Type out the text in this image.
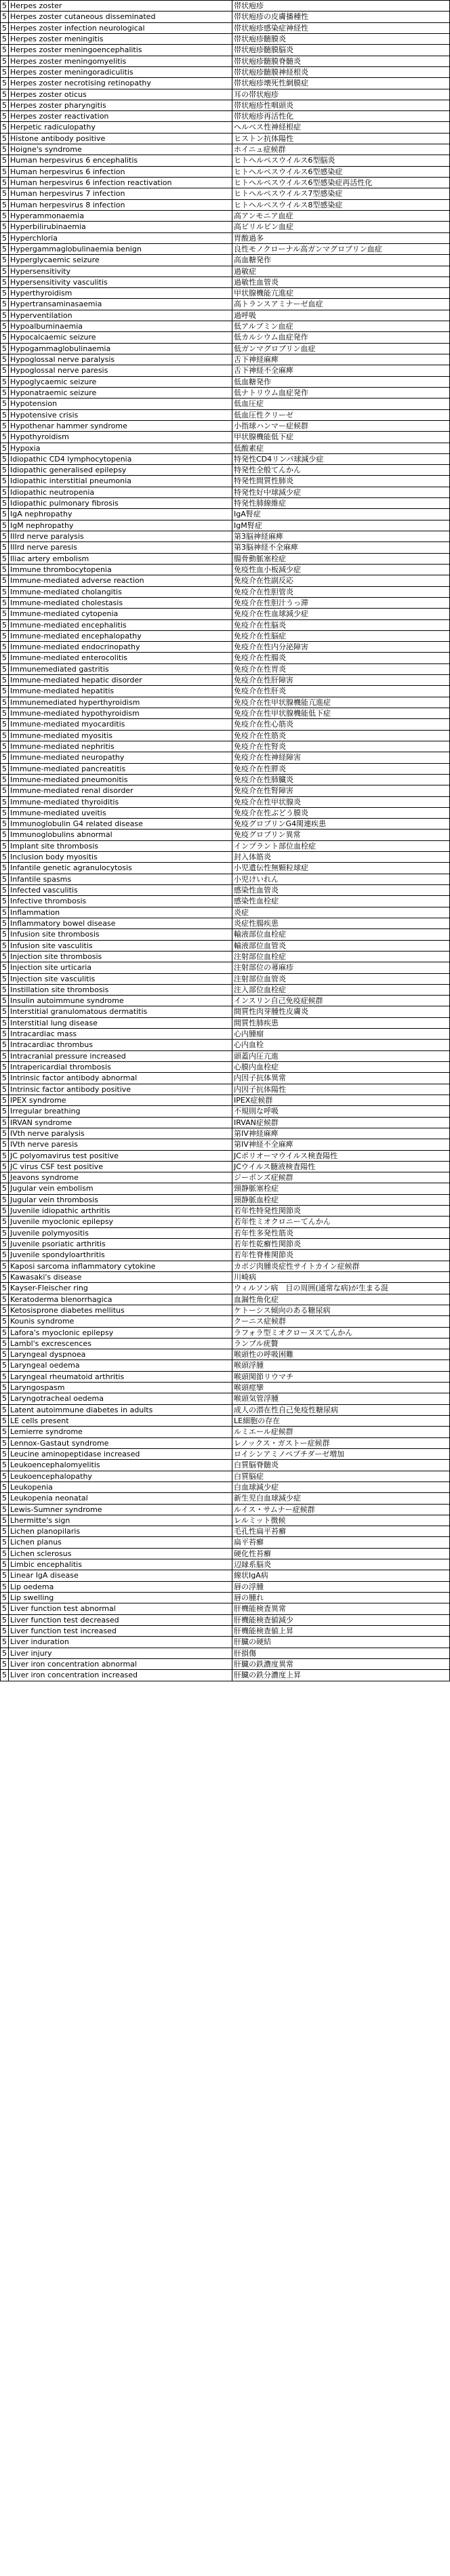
5 Herpes zoster	帯状疱疹
5 Herpes zoster cutaneous disseminated	帯状疱疹の皮膚播種性
5 Herpes zoster infection neurological	帯状疱疹感染症神経性
5 Herpes zoster meningitis	帯状疱疹髄膜炎
5 Herpes zoster meningoencephalitis	帯状疱疹髄膜脳炎
5 Herpes zoster meningomyelitis	帯状疱疹髄膜脊髄炎
5 Herpes zoster meningoradiculitis	帯状疱疹髄膜神経根炎
5 Herpes zoster necrotising retinopathy	帯状疱疹壊死性網膜症
5 Herpes zoster oticus	耳の帯状疱疹
5 Herpes zoster pharyngitis	帯状疱疹性咽頭炎
5 Herpes zoster reactivation	帯状疱疹再活性化
5 Herpetic radiculopathy	ヘルペス性神経根症
5 Histone antibody positive	ヒストン抗体陽性
5 Hoigne's syndrome	ホイニュ症候群
5 Human herpesvirus 6 encephalitis	ヒトヘルペスウイルス6型脳炎
5 Human herpesvirus 6 infection	ヒトヘルペスウイルス6型感染症
5 Human herpesvirus 6 infection reactivation	ヒトヘルペスウイルス6型感染症再活性化
5 Human herpesvirus 7 infection	ヒトヘルペスウイルス7型感染症
5 Human herpesvirus 8 infection	ヒトヘルペスウイルス8型感染症
5 Hyperammonaemia	高アンモニア血症
5 Hyperbilirubinaemia	高ビリルビン血症
5 Hyperchloria	胃酸過多
5 Hypergammaglobulinaemia benign	良性モノクローナル高ガンマグロブリン血症
5 Hyperglycaemic seizure	高血糖発作
5 Hypersensitivity	過敏症
5 Hypersensitivity vasculitis	過敏性血管炎
5 Hyperthyroidism	甲状腺機能亢進症
5 Hypertransaminasaemia	高トランスアミナーゼ血症
5 Hyperventilation	過呼吸
5 Hypoalbuminaemia	低アルブミン血症
5 Hypocalcaemic seizure	低カルシウム血症発作
5 Hypogammaglobulinaemia	低ガンマグロブリン血症
5 Hypoglossal nerve paralysis	舌下神経麻痺
5 Hypoglossal nerve paresis	舌下神経不全麻痺
5 Hypoglycaemic seizure	低血糖発作
5 Hyponatraemic seizure	低ナトリウム血症発作
5 Hypotension	低血圧症
5 Hypotensive crisis	低血圧性クリーゼ
5 Hypothenar hammer syndrome	小指球ハンマー症候群
5 Hypothyroidism	甲状腺機能低下症
5 Hypoxia	低酸素症
5 Idiopathic CD4 lymphocytopenia	特発性CD4リンパ球減少症
5 Idiopathic generalised epilepsy	特発性全般てんかん
5 Idiopathic interstitial pneumonia	特発性間質性肺炎
5 Idiopathic neutropenia	特発性好中球減少症
5 Idiopathic pulmonary fibrosis	特発性肺線維症
5 IgA nephropathy	IgA腎症
5 IgM nephropathy	IgM腎症
5 IIIrd nerve paralysis	第3脳神経麻痺
5 IIIrd nerve paresis	第3脳神経不全麻痺
5 Iliac artery embolism	腸骨動脈塞栓症
5 Immune thrombocytopenia	免疫性血小板減少症
5 Immune-mediated adverse reaction	免疫介在性副反応
5 Immune-mediated cholangitis	免疫介在性胆管炎
5 Immune-mediated cholestasis	免疫介在性胆汁うっ滞
5 Immune-mediated cytopenia	免疫介在性血球減少症
5 Immune-mediated encephalitis	免疫介在性脳炎
5 Immune-mediated encephalopathy	免疫介在性脳症
5 Immune-mediated endocrinopathy	免疫介在性内分泌障害
5 Immune-mediated enterocolitis	免疫介在性腸炎
5 Immunemediated gastritis	免疫介在性胃炎
5 Immune-mediated hepatic disorder	免疫介在性肝障害
5 Immune-mediated hepatitis	免疫介在性肝炎
5 Immunemediated hyperthyroidism	免疫介在性甲状腺機能亢進症
5 Immune-mediated hypothyroidism	免疫介在性甲状腺機能低下症
5 Immune-mediated myocarditis	免疫介在性心筋炎
5 Immune-mediated myositis	免疫介在性筋炎
5 Immune-mediated nephritis	免疫介在性腎炎
5 Immune-mediated neuropathy	免疫介在性神経障害
5 Immune-mediated pancreatitis	免疫介在性膵炎
5 Immune-mediated pneumonitis	免疫介在性肺臓炎
5 Immune-mediated renal disorder	免疫介在性腎障害
5 Immune-mediated thyroiditis	免疫介在性甲状腺炎
5 Immune-mediated uveitis	免疫介在性ぶどう膜炎
5 Immunoglobulin G4 related disease	免疫グロブリンG4関連疾患
5 Immunoglobulins abnormal	免疫グロブリン異常
5 Implant site thrombosis	インプラント部位血栓症
5 Inclusion body myositis	封入体筋炎
5 Infantile genetic agranulocytosis	小児遺伝性無顆粒球症
5 Infantile spasms	小児けいれん
5 Infected vasculitis	感染性血管炎
5 Infective thrombosis	感染性血栓症
5 Inflammation	炎症
5 Inflammatory bowel disease	炎症性腸疾患
5 Infusion site thrombosis	輸液部位血栓症
5 Infusion site vasculitis	輸液部位血管炎
5 Injection site thrombosis	注射部位血栓症
5 Injection site urticaria	注射部位の蕁麻疹
5 Injection site vasculitis	注射部位血管炎
5 Instillation site thrombosis	注入部位血栓症
5 Insulin autoimmune syndrome	インスリン自己免疫症候群
5 Interstitial granulomatous dermatitis	間質性肉芽腫性皮膚炎
5 Interstitial lung disease	間質性肺疾患
5 Intracardiac mass	心内腫瘤
5 Intracardiac thrombus	心内血栓
5 Intracranial pressure increased	頭蓋内圧亢進
5 Intrapericardial thrombosis	心膜内血栓症
5 Intrinsic factor antibody abnormal	内因子抗体異常
5 Intrinsic factor antibody positive	内因子抗体陽性
5 IPEX syndrome	IPEX症候群
5 Irregular breathing	不規則な呼吸
5 IRVAN syndrome	IRVAN症候群
5 IVth nerve paralysis	第IV神経麻痺
5 IVth nerve paresis	第IV神経不全麻痺
5 JC polyomavirus test positive	JCポリオーマウイルス検査陽性
5 JC virus CSF test positive	JCウイルス髄液検査陽性
5 Jeavons syndrome	ジーボンズ症候群
5 Jugular vein embolism	頸静脈塞栓症
5 Jugular vein thrombosis	頸静脈血栓症
5 Juvenile idiopathic arthritis	若年性特発性関節炎
5 Juvenile myoclonic epilepsy	若年性ミオクロニーてんかん
5 Juvenile polymyositis	若年性多発性筋炎
5 Juvenile psoriatic arthritis	若年性乾癬性関節炎
5 Juvenile spondyloarthritis	若年性脊椎関節炎
5 Kaposi sarcoma inflammatory cytokine	カポジ肉腫炎症性サイトカイン症候群
5 Kawasaki's disease	川崎病
5 Kayser-Fleischer ring	ウィルソン病　目の周囲(通常な病)が生まる混
5 Keratoderma blenorrhagica	血漏性角化症
5 Ketosisprone diabetes mellitus	ケトーシス傾向のある糖尿病
5 Kounis syndrome	クーニス症候群
5 Lafora's myoclonic epilepsy	ラフォラ型ミオクローヌスてんかん
5 Lambl's excrescences	ランブル疣贅
5 Laryngeal dyspnoea	喉頭性の呼吸困難
5 Laryngeal oedema	喉頭浮腫
5 Laryngeal rheumatoid arthritis	喉頭関節リウマチ
5 Laryngospasm	喉頭痙攣
5 Laryngotracheal oedema	喉頭気管浮腫
5 Latent autoimmune diabetes in adults	成人の潜在性自己免疫性糖尿病
5 LE cells present	LE細胞の存在
5 Lemierre syndrome	ルミエール症候群
5 Lennox-Gastaut syndrome	レノックス・ガストー症候群
5 Leucine aminopeptidase increased	ロイシンアミノペプチダーゼ増加
5 Leukoencephalomyelitis	白質脳脊髄炎
5 Leukoencephalopathy	白質脳症
5 Leukopenia	白血球減少症
5 Leukopenia neonatal	新生児白血球減少症
5 Lewis-Sumner syndrome	ルイス・サムナー症候群
5 Lhermitte's sign	レルミット徴候
5 Lichen planopilaris	毛孔性扁平苔癬
5 Lichen planus	扁平苔癬
5 Lichen sclerosus	硬化性苔癬
5 Limbic encephalitis	辺縁系脳炎
5 Linear IgA disease	線状IgA病
5 Lip oedema	唇の浮腫
5 Lip swelling	唇の腫れ
5 Liver function test abnormal	肝機能検査異常
5 Liver function test decreased	肝機能検査値減少
5 Liver function test increased	肝機能検査値上昇
5 Liver induration	肝臓の硬結
5 Liver injury	肝損傷
5 Liver iron concentration abnormal	肝臓の鉄濃度異常
5 Liver iron concentration increased	肝臓の鉄分濃度上昇
